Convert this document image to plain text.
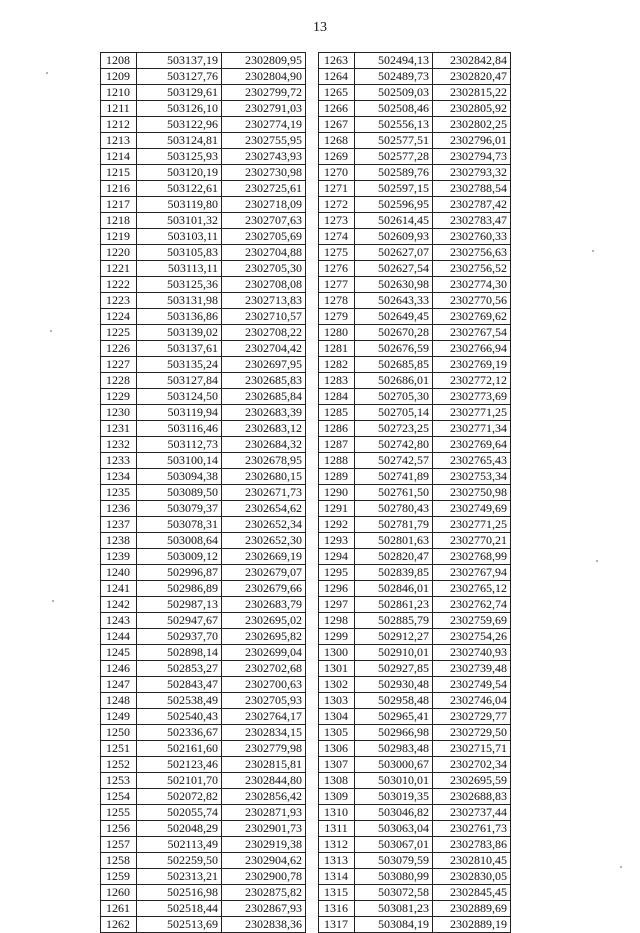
13
1208	503137,19	2302809,95
1209	503127,76	2302804,90
1210	503129,61	2302799,72
1211	503126,10	2302791,03
1212	503122,96	2302774,19
1213	503124,81	2302755,95
1214	503125,93	2302743,93
1215	503120,19	2302730,98
1216	503122,61	2302725,61
1217	503119,80	2302718,09
1218	503101,32	2302707,63
1219	503103,11	2302705,69
1220	503105,83	2302704,88
1221	503113,11	2302705,30
1222	503125,36	2302708,08
1223	503131,98	2302713,83
1224	503136,86	2302710,57
1225	503139,02	2302708,22
1226	503137,61	2302704,42
1227	503135,24	2302697,95
1228	503127,84	2302685,83
1229	503124,50	2302685,84
1230	503119,94	2302683,39
1231	503116,46	2302683,12
1232	503112,73	2302684,32
1233	503100,14	2302678,95
1234	503094,38	2302680,15
1235	503089,50	2302671,73
1236	503079,37	2302654,62
1237	503078,31	2302652,34
1238	503008,64	2302652,30
1239	503009,12	2302669,19
1240	502996,87	2302679,07
1241	502986,89	2302679,66
1242	502987,13	2302683,79
1243	502947,67	2302695,02
1244	502937,70	2302695,82
1245	502898,14	2302699,04
1246	502853,27	2302702,68
1247	502843,47	2302700,63
1248	502538,49	2302705,93
1249	502540,43	2302764,17
1250	502336,67	2302834,15
1251	502161,60	2302779,98
1252	502123,46	2302815,81
1253	502101,70	2302844,80
1254	502072,82	2302856,42
1255	502055,74	2302871,93
1256	502048,29	2302901,73
1257	502113,49	2302919,38
1258	502259,50	2302904,62
1259	502313,21	2302900,78
1260	502516,98	2302875,82
1261	502518,44	2302867,93
1262	502513,69	2302838,36
1263	502494,13	2302842,84
1264	502489,73	2302820,47
1265	502509,03	2302815,22
1266	502508,46	2302805,92
1267	502556,13	2302802,25
1268	502577,51	2302796,01
1269	502577,28	2302794,73
1270	502589,76	2302793,32
1271	502597,15	2302788,54
1272	502596,95	2302787,42
1273	502614,45	2302783,47
1274	502609,93	2302760,33
1275	502627,07	2302756,63
1276	502627,54	2302756,52
1277	502630,98	2302774,30
1278	502643,33	2302770,56
1279	502649,45	2302769,62
1280	502670,28	2302767,54
1281	502676,59	2302766,94
1282	502685,85	2302769,19
1283	502686,01	2302772,12
1284	502705,30	2302773,69
1285	502705,14	2302771,25
1286	502723,25	2302771,34
1287	502742,80	2302769,64
1288	502742,57	2302765,43
1289	502741,89	2302753,34
1290	502761,50	2302750,98
1291	502780,43	2302749,69
1292	502781,79	2302771,25
1293	502801,63	2302770,21
1294	502820,47	2302768,99
1295	502839,85	2302767,94
1296	502846,01	2302765,12
1297	502861,23	2302762,74
1298	502885,79	2302759,69
1299	502912,27	2302754,26
1300	502910,01	2302740,93
1301	502927,85	2302739,48
1302	502930,48	2302749,54
1303	502958,48	2302746,04
1304	502965,41	2302729,77
1305	502966,98	2302729,50
1306	502983,48	2302715,71
1307	503000,67	2302702,34
1308	503010,01	2302695,59
1309	503019,35	2302688,83
1310	503046,82	2302737,44
1311	503063,04	2302761,73
1312	503067,01	2302783,86
1313	503079,59	2302810,45
1314	503080,99	2302830,05
1315	503072,58	2302845,45
1316	503081,23	2302889,69
1317	503084,19	2302889,19
